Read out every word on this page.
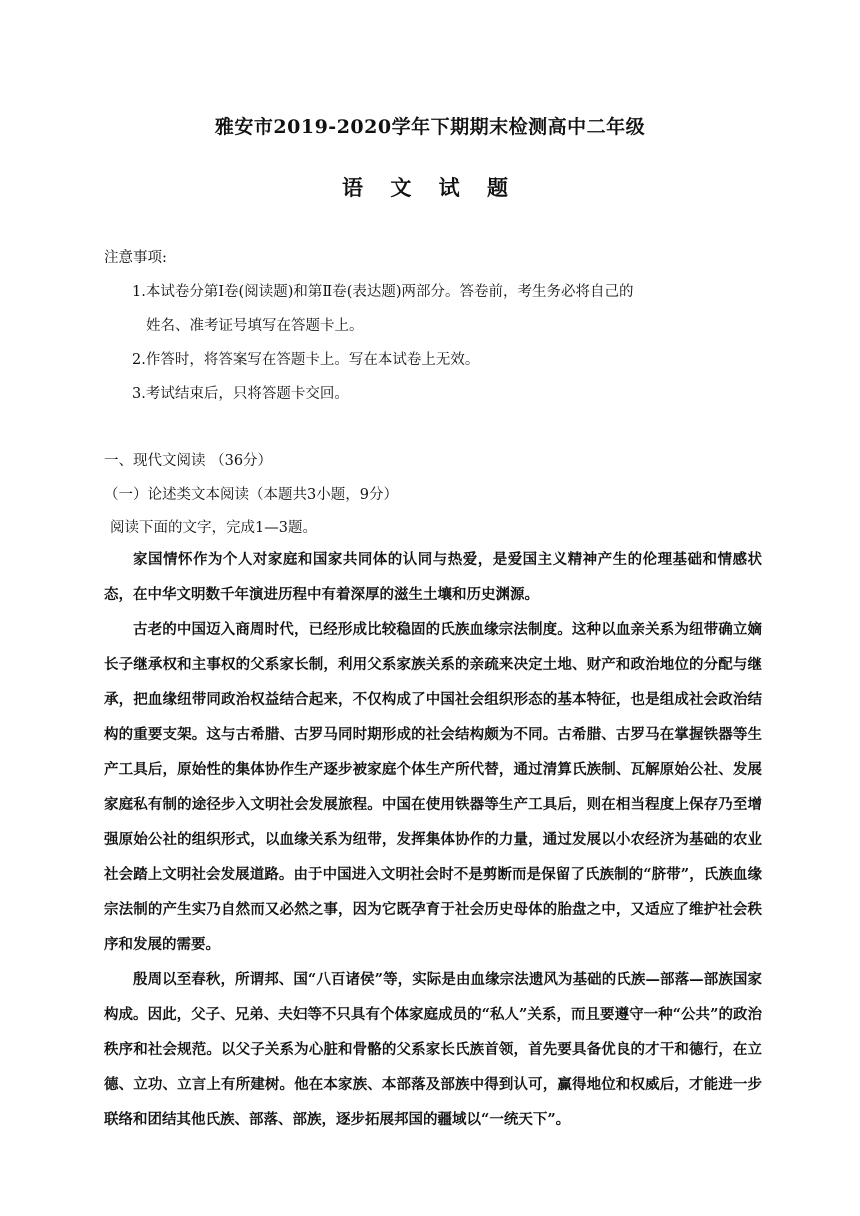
雅安市2019-2020学年下期期末检测高中二年级
语 文 试 题
注意事项:
1.本试卷分第Ⅰ卷(阅读题)和第Ⅱ卷(表达题)两部分。答卷前，考生务必将自己的
姓名、准考证号填写在答题卡上。
2.作答时，将答案写在答题卡上。写在本试卷上无效。
3.考试结束后，只将答题卡交回。
一、现代文阅读 （36分）
（一）论述类文本阅读（本题共3小题，9分）
阅读下面的文字，完成1—3题。

家国情怀作为个人对家庭和国家共同体的认同与热爱，是爱国主义精神产生的伦理基础和情感状态，在中华文明数千年演进历程中有着深厚的滋生土壤和历史渊源。

古老的中国迈入商周时代，已经形成比较稳固的氏族血缘宗法制度。这种以血亲关系为纽带确立嫡长子继承权和主事权的父系家长制，利用父系家族关系的亲疏来决定土地、财产和政治地位的分配与继承，把血缘纽带同政治权益结合起来，不仅构成了中国社会组织形态的基本特征，也是组成社会政治结构的重要支架。这与古希腊、古罗马同时期形成的社会结构颇为不同。古希腊、古罗马在掌握铁器等生产工具后，原始性的集体协作生产逐步被家庭个体生产所代替，通过清算氏族制、瓦解原始公社、发展家庭私有制的途径步入文明社会发展旅程。中国在使用铁器等生产工具后，则在相当程度上保存乃至增强原始公社的组织形式，以血缘关系为纽带，发挥集体协作的力量，通过发展以小农经济为基础的农业社会踏上文明社会发展道路。由于中国进入文明社会时不是剪断而是保留了氏族制的“脐带”，氏族血缘宗法制的产生实乃自然而又必然之事，因为它既孕育于社会历史母体的胎盘之中，又适应了维护社会秩序和发展的需要。

殷周以至春秋，所谓邦、国“八百诸侯”等，实际是由血缘宗法遗风为基础的氏族—部落—部族国家构成。因此，父子、兄弟、夫妇等不只具有个体家庭成员的“私人”关系，而且要遵守一种“公共”的政治秩序和社会规范。以父子关系为心脏和骨骼的父系家长氏族首领，首先要具备优良的才干和德行，在立德、立功、立言上有所建树。他在本家族、本部落及部族中得到认可，赢得地位和权威后，才能进一步联络和团结其他氏族、部落、部族，逐步拓展邦国的疆域以“一统天下”。
